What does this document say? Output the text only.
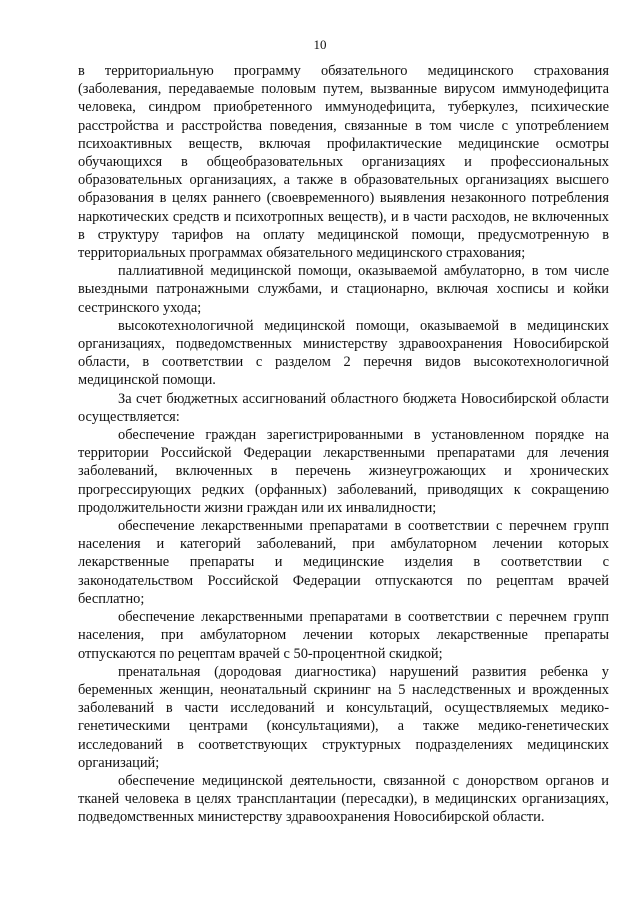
10

в территориальную программу обязательного медицинского страхования (заболевания, передаваемые половым путем, вызванные вирусом иммунодефицита человека, синдром приобретенного иммунодефицита, туберкулез, психические расстройства и расстройства поведения, связанные в том числе с употреблением психоактивных веществ, включая профилактические медицинские осмотры обучающихся в общеобразовательных организациях и профессиональных образовательных организациях, а также в образовательных организациях высшего образования в целях раннего (своевременного) выявления незаконного потребления наркотических средств и психотропных веществ), и в части расходов, не включенных в структуру тарифов на оплату медицинской помощи, предусмотренную в территориальных программах обязательного медицинского страхования;

паллиативной медицинской помощи, оказываемой амбулаторно, в том числе выездными патронажными службами, и стационарно, включая хосписы и койки сестринского ухода;

высокотехнологичной медицинской помощи, оказываемой в медицинских организациях, подведомственных министерству здравоохранения Новосибирской области, в соответствии с разделом 2 перечня видов высокотехнологичной медицинской помощи.

За счет бюджетных ассигнований областного бюджета Новосибирской области осуществляется:

обеспечение граждан зарегистрированными в установленном порядке на территории Российской Федерации лекарственными препаратами для лечения заболеваний, включенных в перечень жизнеугрожающих и хронических прогрессирующих редких (орфанных) заболеваний, приводящих к сокращению продолжительности жизни граждан или их инвалидности;

обеспечение лекарственными препаратами в соответствии с перечнем групп населения и категорий заболеваний, при амбулаторном лечении которых лекарственные препараты и медицинские изделия в соответствии с законодательством Российской Федерации отпускаются по рецептам врачей бесплатно;

обеспечение лекарственными препаратами в соответствии с перечнем групп населения, при амбулаторном лечении которых лекарственные препараты отпускаются по рецептам врачей с 50-процентной скидкой;

пренатальная (дородовая диагностика) нарушений развития ребенка у беременных женщин, неонатальный скрининг на 5 наследственных и врожденных заболеваний в части исследований и консультаций, осуществляемых медико-генетическими центрами (консультациями), а также медико-генетических исследований в соответствующих структурных подразделениях медицинских организаций;

обеспечение медицинской деятельности, связанной с донорством органов и тканей человека в целях трансплантации (пересадки), в медицинских организациях, подведомственных министерству здравоохранения Новосибирской области.
